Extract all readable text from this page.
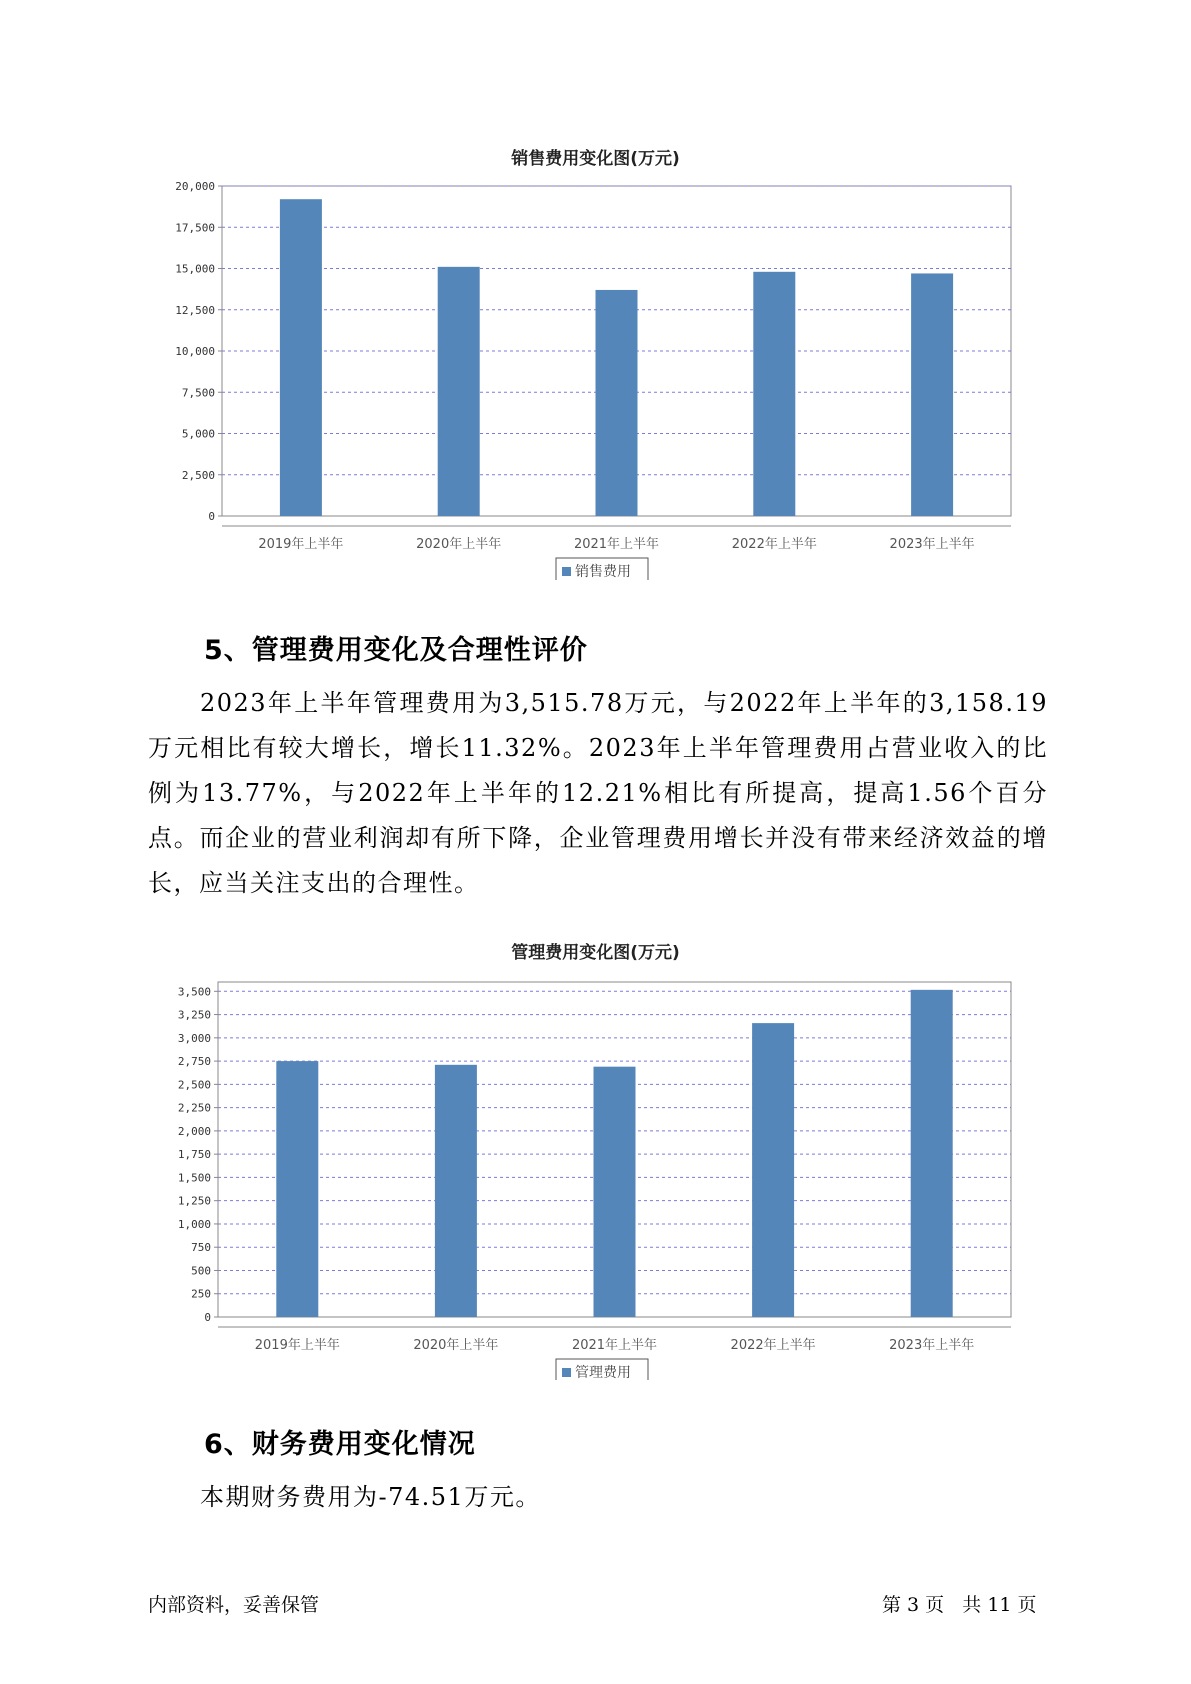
销售费用变化图(万元)
0
2,500
5,000
7,500
10,000
12,500
15,000
17,500
20,000
2019年上半年	2020年上半年	2021年上半年	2022年上半年	2023年上半年
销售费用
5、管理费用变化及合理性评价
2023年上半年管理费用为3,515.78万元，与2022年上半年的3,158.19万元相比有较大增长，增长11.32%。2023年上半年管理费用占营业收入的比例为13.77%，与2022年上半年的12.21%相比有所提高，提高1.56个百分点。而企业的营业利润却有所下降，企业管理费用增长并没有带来经济效益的增长，应当关注支出的合理性。
管理费用变化图(万元)
0
250
500
750
1,000
1,250
1,500
1,750
2,000
2,250
2,500
2,750
3,000
3,250
3,500
2019年上半年	2020年上半年	2021年上半年	2022年上半年	2023年上半年
管理费用
6、财务费用变化情况
本期财务费用为-74.51万元。
内部资料，妥善保管	第 3 页   共 11 页
